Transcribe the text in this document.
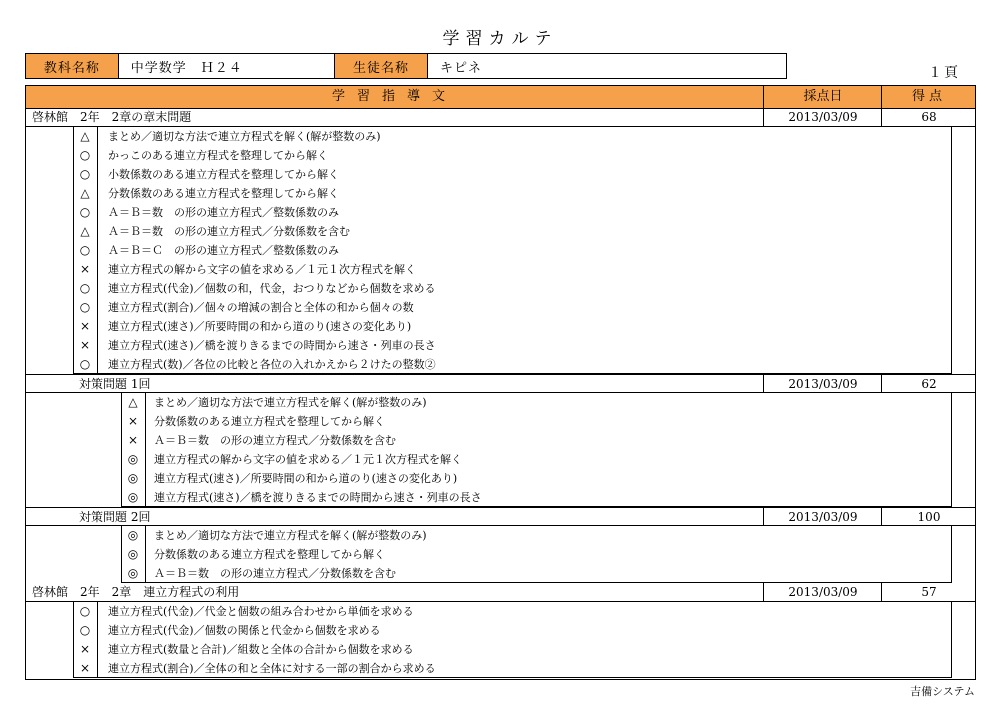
学習カルテ
教科名称	中学数学　Ｈ２４	生徒名称	キピネ	１頁
学習指導文	採点日	得点
啓林館　2年　2章の章末問題	2013/03/09	68
△	まとめ／適切な方法で連立方程式を解く(解が整数のみ)
○	かっこのある連立方程式を整理してから解く
○	小数係数のある連立方程式を整理してから解く
△	分数係数のある連立方程式を整理してから解く
○	Ａ＝Ｂ＝数　の形の連立方程式／整数係数のみ
△	Ａ＝Ｂ＝数　の形の連立方程式／分数係数を含む
○	Ａ＝Ｂ＝Ｃ　の形の連立方程式／整数係数のみ
×	連立方程式の解から文字の値を求める／１元１次方程式を解く
○	連立方程式(代金)／個数の和，代金，おつりなどから個数を求める
○	連立方程式(割合)／個々の増減の割合と全体の和から個々の数
×	連立方程式(速さ)／所要時間の和から道のり(速さの変化あり)
×	連立方程式(速さ)／橋を渡りきるまでの時間から速さ・列車の長さ
○	連立方程式(数)／各位の比較と各位の入れかえから２けたの整数②
対策問題 1回	2013/03/09	62
△	まとめ／適切な方法で連立方程式を解く(解が整数のみ)
×	分数係数のある連立方程式を整理してから解く
×	Ａ＝Ｂ＝数　の形の連立方程式／分数係数を含む
◎	連立方程式の解から文字の値を求める／１元１次方程式を解く
◎	連立方程式(速さ)／所要時間の和から道のり(速さの変化あり)
◎	連立方程式(速さ)／橋を渡りきるまでの時間から速さ・列車の長さ
対策問題 2回	2013/03/09	100
◎	まとめ／適切な方法で連立方程式を解く(解が整数のみ)
◎	分数係数のある連立方程式を整理してから解く
◎	Ａ＝Ｂ＝数　の形の連立方程式／分数係数を含む
啓林館　2年　2章　連立方程式の利用	2013/03/09	57
○	連立方程式(代金)／代金と個数の組み合わせから単価を求める
○	連立方程式(代金)／個数の関係と代金から個数を求める
×	連立方程式(数量と合計)／組数と全体の合計から個数を求める
×	連立方程式(割合)／全体の和と全体に対する一部の割合から求める
吉備システム
